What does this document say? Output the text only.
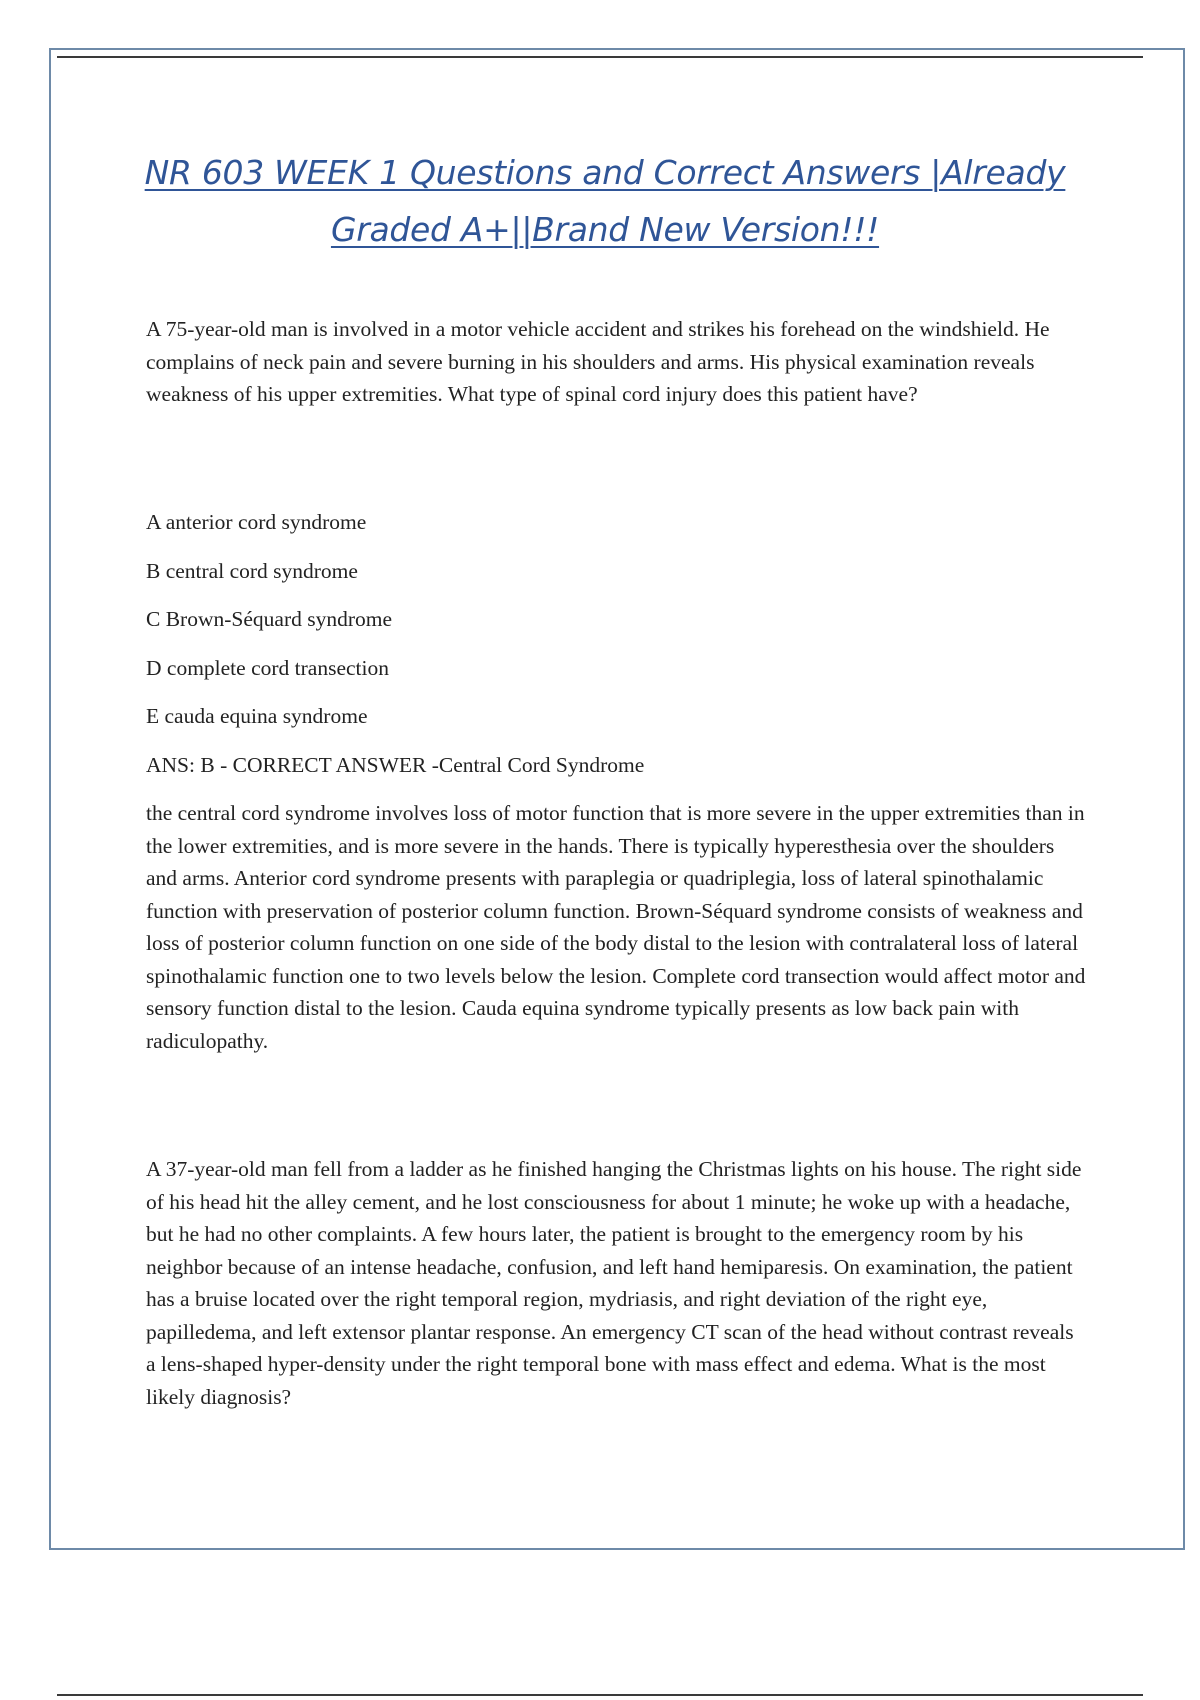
NR 603 WEEK 1 Questions and Correct Answers |Already
Graded A+||Brand New Version!!!

A 75-year-old man is involved in a motor vehicle accident and strikes his forehead on the windshield. He complains of neck pain and severe burning in his shoulders and arms. His physical examination reveals weakness of his upper extremities. What type of spinal cord injury does this patient have?

A anterior cord syndrome
B central cord syndrome
C Brown-Séquard syndrome
D complete cord transection
E cauda equina syndrome

ANS: B - CORRECT ANSWER -Central Cord Syndrome

the central cord syndrome involves loss of motor function that is more severe in the upper extremities than in the lower extremities, and is more severe in the hands. There is typically hyperesthesia over the shoulders and arms. Anterior cord syndrome presents with paraplegia or quadriplegia, loss of lateral spinothalamic function with preservation of posterior column function. Brown-Séquard syndrome consists of weakness and loss of posterior column function on one side of the body distal to the lesion with contralateral loss of lateral spinothalamic function one to two levels below the lesion. Complete cord transection would affect motor and sensory function distal to the lesion. Cauda equina syndrome typically presents as low back pain with radiculopathy.

A 37-year-old man fell from a ladder as he finished hanging the Christmas lights on his house. The right side of his head hit the alley cement, and he lost consciousness for about 1 minute; he woke up with a headache, but he had no other complaints. A few hours later, the patient is brought to the emergency room by his neighbor because of an intense headache, confusion, and left hand hemiparesis. On examination, the patient has a bruise located over the right temporal region, mydriasis, and right deviation of the right eye, papilledema, and left extensor plantar response. An emergency CT scan of the head without contrast reveals a lens-shaped hyper-density under the right temporal bone with mass effect and edema. What is the most likely diagnosis?
